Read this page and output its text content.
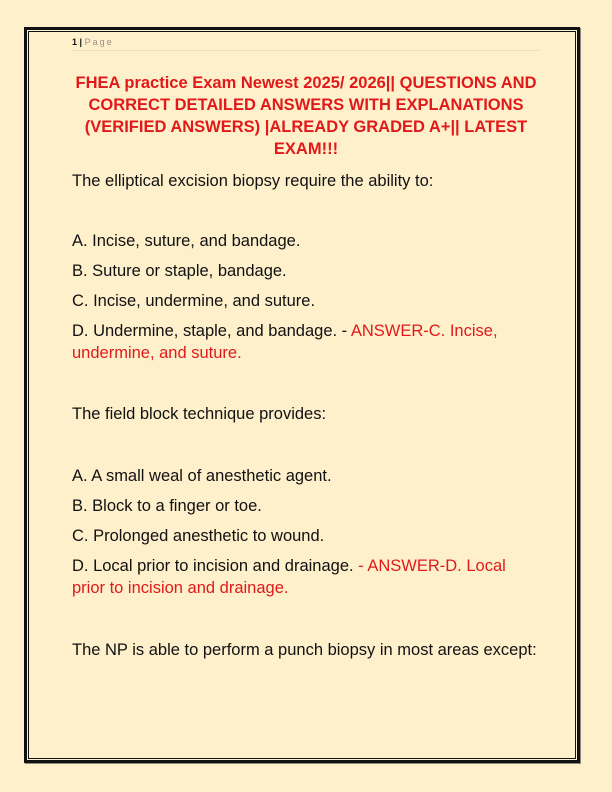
1 | Page
FHEA practice Exam Newest 2025/ 2026|| QUESTIONS AND CORRECT DETAILED ANSWERS WITH EXPLANATIONS (VERIFIED ANSWERS) |ALREADY GRADED A+|| LATEST EXAM!!!
The elliptical excision biopsy require the ability to:
A. Incise, suture, and bandage.
B. Suture or staple, bandage.
C. Incise, undermine, and suture.
D. Undermine, staple, and bandage. - ANSWER-C. Incise, undermine, and suture.
The field block technique provides:
A. A small weal of anesthetic agent.
B. Block to a finger or toe.
C. Prolonged anesthetic to wound.
D. Local prior to incision and drainage. - ANSWER-D. Local prior to incision and drainage.
The NP is able to perform a punch biopsy in most areas except:
